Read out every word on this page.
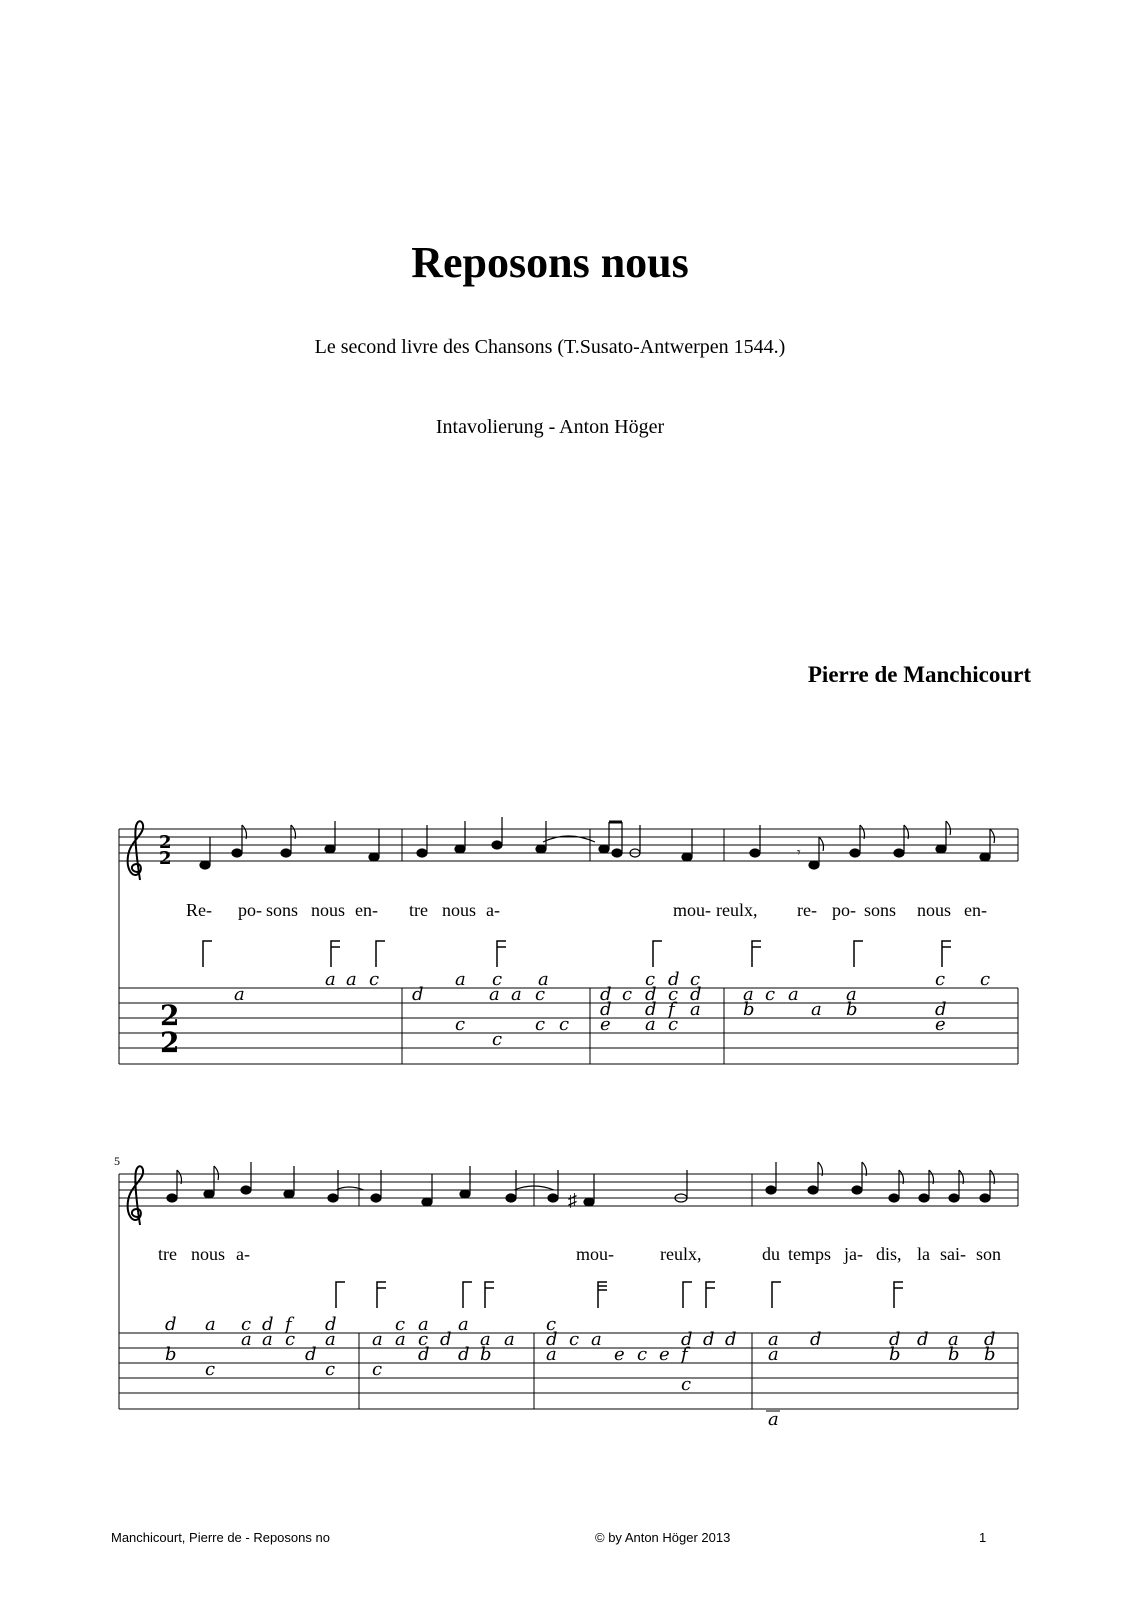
Reposons nous
Le second livre des Chansons (T.Susato-Antwerpen 1544.)
Intavolierung - Anton Höger
Pierre de Manchicourt
2
2
2
2
𝄾
Re- po- sons nous en- tre nous a-	mou- reulx, re- po- sons nous en-
a
a a c
d
a c a
a a c
c
c
c c
d c d c d
c d c
d d f a
e a c
a c a	a
b	a b
c c
d
e
5
♯
tre nous a-	mou-	reulx,	du temps ja- dis, la sai- son
d a c d f d
a a c a
b	d
c	c
c a a
a a c d a a
d d b
c
c
d c a
a	e c e f
d d d
c
a d	d d a d
a	b	b b
a
Manchicourt, Pierre de - Reposons no	© by Anton Höger 2013	1
